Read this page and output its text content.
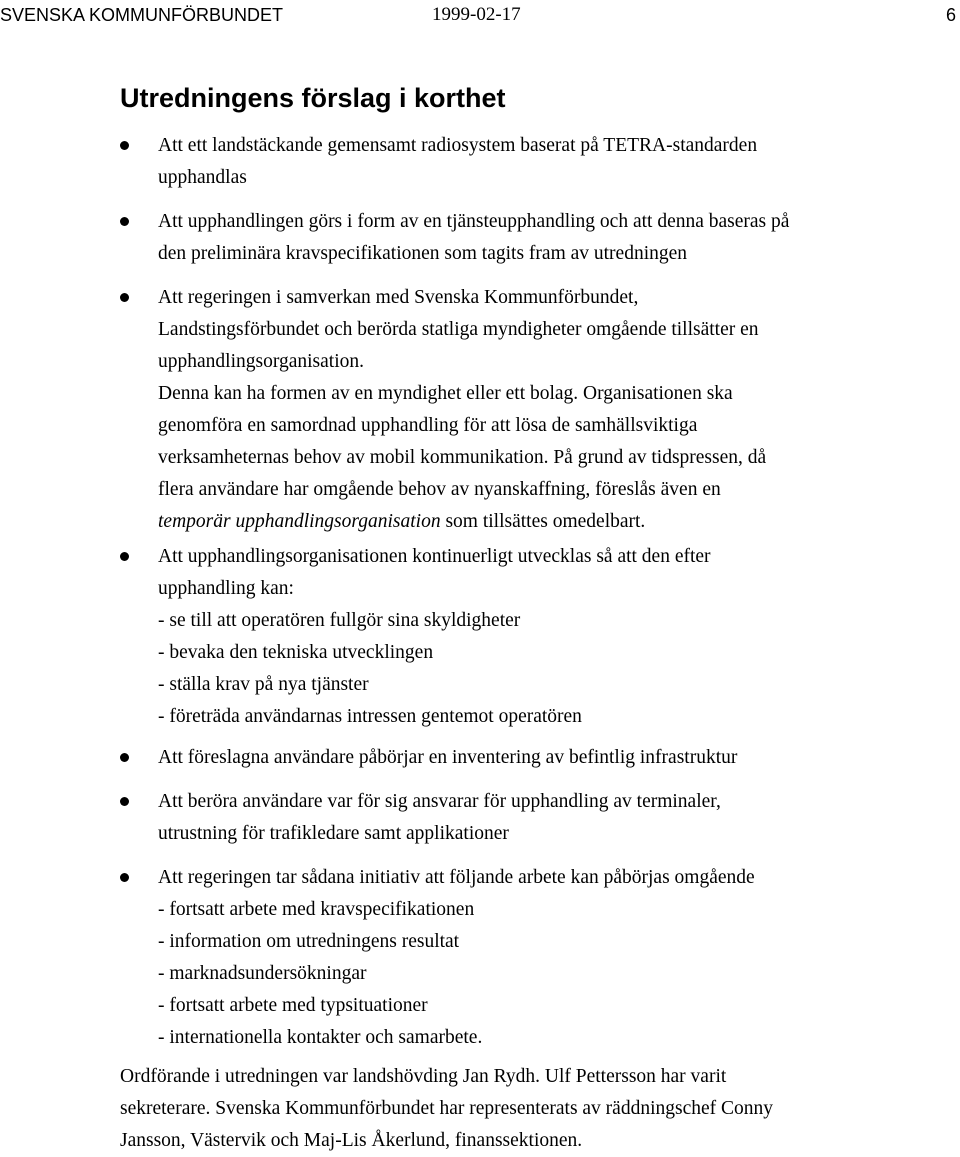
SVENSKA KOMMUNFÖRBUNDET	1999-02-17	6
Utredningens förslag i korthet

Att ett landstäckande gemensamt radiosystem baserat på TETRA-standarden
upphandlas

Att upphandlingen görs i form av en tjänsteupphandling och att denna baseras på
den preliminära kravspecifikationen som tagits fram av utredningen

Att regeringen i samverkan med Svenska Kommunförbundet,
Landstingsförbundet och berörda statliga myndigheter omgående tillsätter en
upphandlingsorganisation.

Denna kan ha formen av en myndighet eller ett bolag. Organisationen ska
genomföra en samordnad upphandling för att lösa de samhällsviktiga
verksamheternas behov av mobil kommunikation. På grund av tidspressen, då
flera användare har omgående behov av nyanskaffning, föreslås även en
temporär upphandlingsorganisation som tillsättes omedelbart.

Att upphandlingsorganisationen kontinuerligt utvecklas så att den efter
upphandling kan:
- se till att operatören fullgör sina skyldigheter
- bevaka den tekniska utvecklingen
- ställa krav på nya tjänster
- företräda användarnas intressen gentemot operatören

Att föreslagna användare påbörjar en inventering av befintlig infrastruktur

Att beröra användare var för sig ansvarar för upphandling av terminaler,
utrustning för trafikledare samt applikationer

Att regeringen tar sådana initiativ att följande arbete kan påbörjas omgående
- fortsatt arbete med kravspecifikationen
- information om utredningens resultat
- marknadsundersökningar
- fortsatt arbete med typsituationer
- internationella kontakter och samarbete.

Ordförande i utredningen var landshövding Jan Rydh. Ulf Pettersson har varit
sekreterare. Svenska Kommunförbundet har representerats av räddningschef Conny
Jansson, Västervik och Maj-Lis Åkerlund, finanssektionen.
